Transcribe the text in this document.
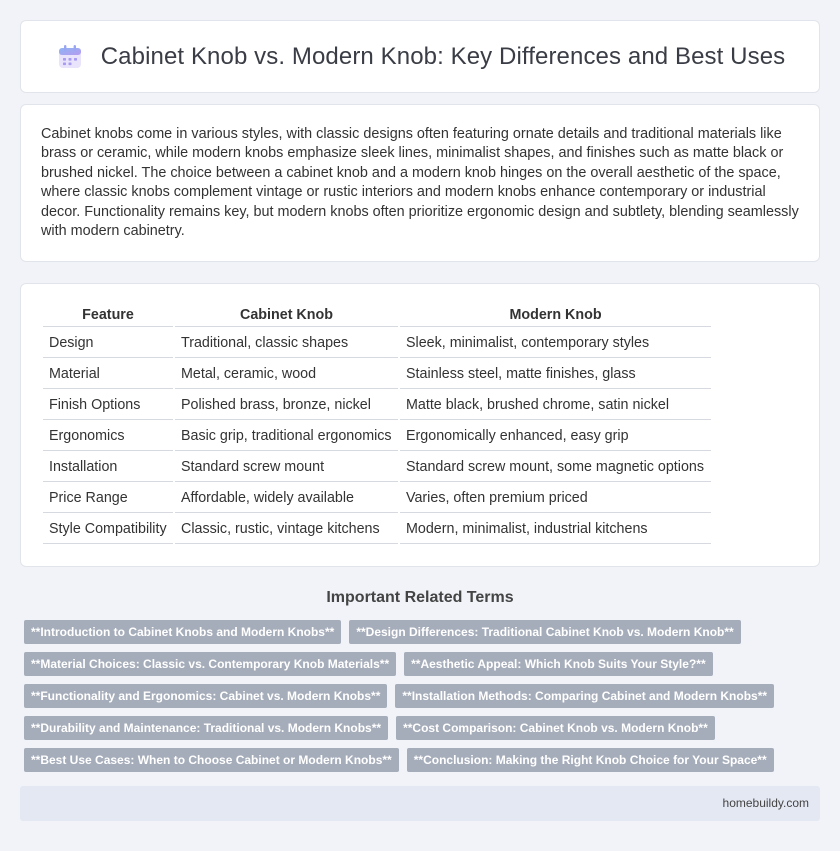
Cabinet Knob vs. Modern Knob: Key Differences and Best Uses

Cabinet knobs come in various styles, with classic designs often featuring ornate details and traditional materials like brass or ceramic, while modern knobs emphasize sleek lines, minimalist shapes, and finishes such as matte black or brushed nickel. The choice between a cabinet knob and a modern knob hinges on the overall aesthetic of the space, where classic knobs complement vintage or rustic interiors and modern knobs enhance contemporary or industrial decor. Functionality remains key, but modern knobs often prioritize ergonomic design and subtlety, blending seamlessly with modern cabinetry.

Feature	Cabinet Knob	Modern Knob
Design	Traditional, classic shapes	Sleek, minimalist, contemporary styles
Material	Metal, ceramic, wood	Stainless steel, matte finishes, glass
Finish Options	Polished brass, bronze, nickel	Matte black, brushed chrome, satin nickel
Ergonomics	Basic grip, traditional ergonomics	Ergonomically enhanced, easy grip
Installation	Standard screw mount	Standard screw mount, some magnetic options
Price Range	Affordable, widely available	Varies, often premium priced
Style Compatibility	Classic, rustic, vintage kitchens	Modern, minimalist, industrial kitchens
Important Related Terms
**Introduction to Cabinet Knobs and Modern Knobs**	**Design Differences: Traditional Cabinet Knob vs. Modern Knob**
**Material Choices: Classic vs. Contemporary Knob Materials**	**Aesthetic Appeal: Which Knob Suits Your Style?**
**Functionality and Ergonomics: Cabinet vs. Modern Knobs**	**Installation Methods: Comparing Cabinet and Modern Knobs**
**Durability and Maintenance: Traditional vs. Modern Knobs**	**Cost Comparison: Cabinet Knob vs. Modern Knob**
**Best Use Cases: When to Choose Cabinet or Modern Knobs**	**Conclusion: Making the Right Knob Choice for Your Space**
homebuildy.com
